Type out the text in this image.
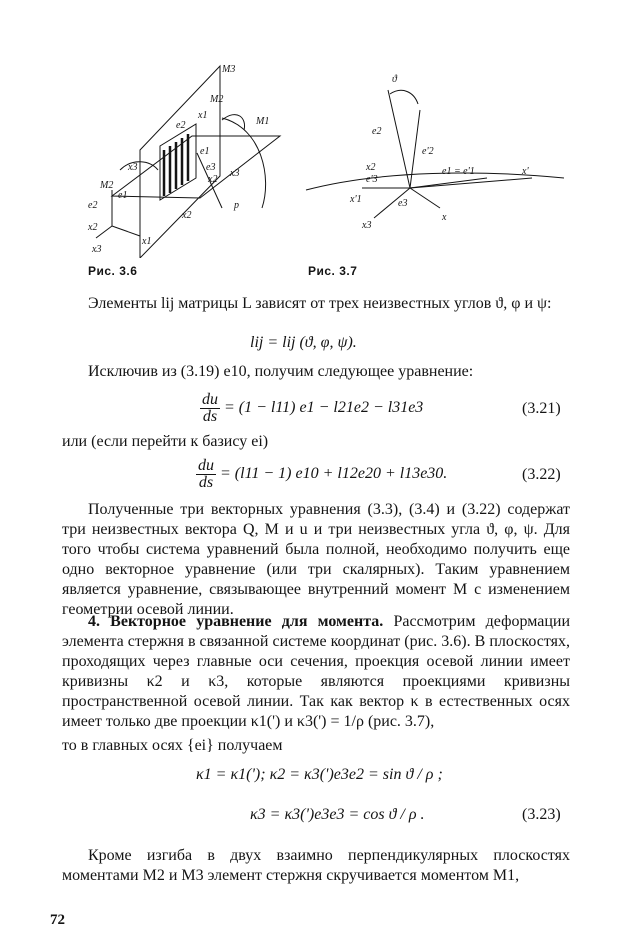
M3
M1
M2
M2
e2
e1
e3
x2
x3
x3
x1
x2
e2
e1
x1
x2
x3
p
Рис. 3.6
ϑ
e2
e'2
e1 = e'1
x2	x'
e'3
x'1	e3
x
x3
Рис. 3.7
Элементы lij матрицы L зависят от трех неизвестных углов ϑ, φ и ψ:
lij = lij (ϑ, φ, ψ).
Исключив из (3.19) e10, получим следующее уравнение:
$\frac{du}{ds} = (1 - l11) e1 - l21e2 - l31e3$	(3.21)
или (если перейти к базису ei)
$\frac{du}{ds} = (l11 - 1) e10 + l12e20 + l13e30$.	(3.22)
Полученные три векторных уравнения (3.3), (3.4) и (3.22) содержат три неизвестных вектора Q, M и u и три неизвестных угла ϑ, φ, ψ. Для того чтобы система уравнений была полной, необходимо получить еще одно векторное уравнение (или три скалярных). Таким уравнением является уравнение, связывающее внутренний момент M с изменением геометрии осевой линии.
4. Векторное уравнение для момента. Рассмотрим деформации элемента стержня в связанной системе координат (рис. 3.6). В плоскостях, проходящих через главные оси сечения, проекция осевой линии имеет кривизны κ2 и κ3, которые являются проекциями кривизны пространственной осевой линии. Так как вектор κ в естественных осях имеет только две проекции κ1(') и κ3(') = 1/ρ (рис. 3.7),
то в главных осях {ei} получаем
κ1 = κ1('); κ2 = κ3(')e3e2 = sin ϑ / ρ ;
κ3 = κ3(')e3e3 = cos ϑ / ρ .	(3.23)
Кроме изгиба в двух взаимно перпендикулярных плоскостях моментами M2 и M3 элемент стержня скручивается моментом M1,
72
